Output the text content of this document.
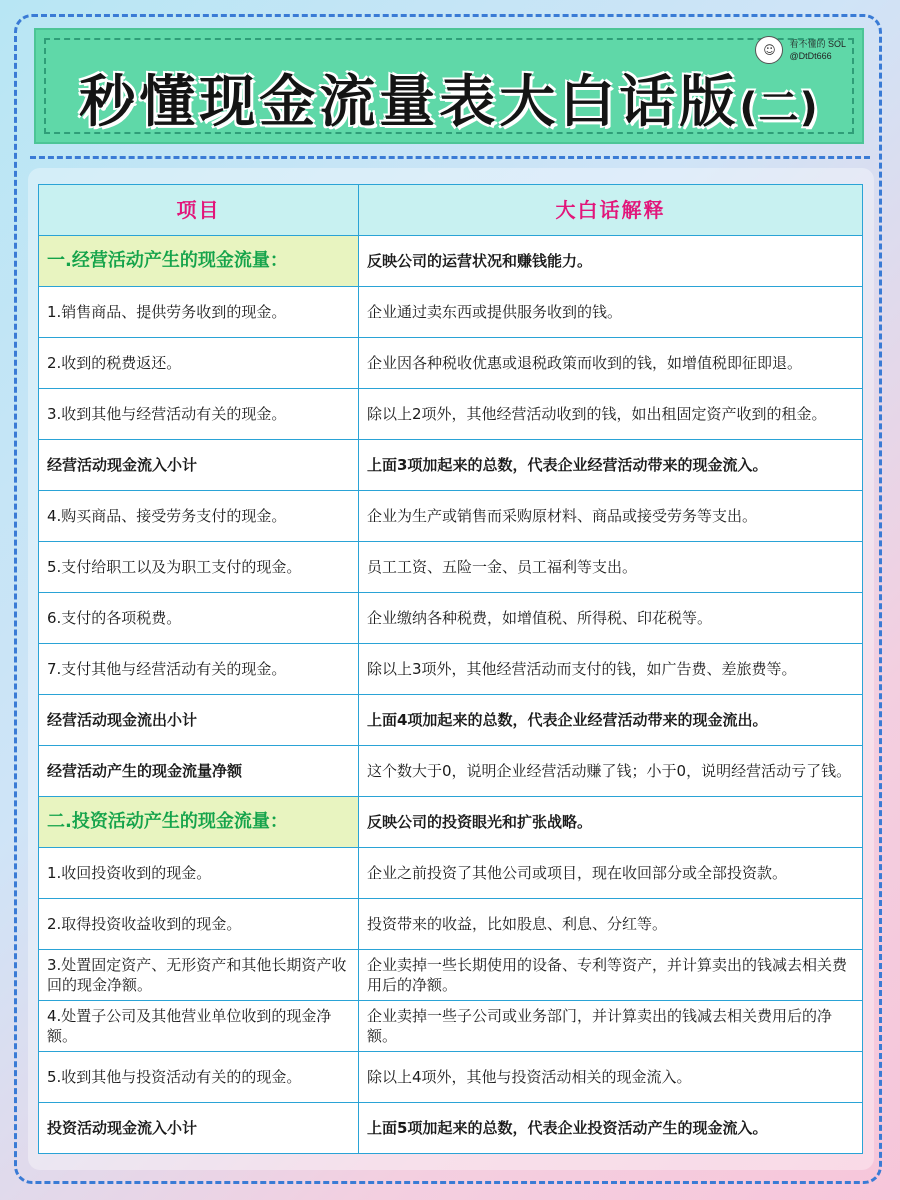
☺	看不懂的 SOL
@DtDt666
秒懂现金流量表大白话版(二)
项目	大白话解释
一.经营活动产生的现金流量：	反映公司的运营状况和赚钱能力。
1.销售商品、提供劳务收到的现金。	企业通过卖东西或提供服务收到的钱。
2.收到的税费返还。	企业因各种税收优惠或退税政策而收到的钱，如增值税即征即退。
3.收到其他与经营活动有关的现金。	除以上2项外，其他经营活动收到的钱，如出租固定资产收到的租金。
经营活动现金流入小计	上面3项加起来的总数，代表企业经营活动带来的现金流入。
4.购买商品、接受劳务支付的现金。	企业为生产或销售而采购原材料、商品或接受劳务等支出。
5.支付给职工以及为职工支付的现金。	员工工资、五险一金、员工福利等支出。
6.支付的各项税费。	企业缴纳各种税费，如增值税、所得税、印花税等。
7.支付其他与经营活动有关的现金。	除以上3项外，其他经营活动而支付的钱，如广告费、差旅费等。
经营活动现金流出小计	上面4项加起来的总数，代表企业经营活动带来的现金流出。
经营活动产生的现金流量净额	这个数大于0，说明企业经营活动赚了钱；小于0，说明经营活动亏了钱。
二.投资活动产生的现金流量：	反映公司的投资眼光和扩张战略。
1.收回投资收到的现金。	企业之前投资了其他公司或项目，现在收回部分或全部投资款。
2.取得投资收益收到的现金。	投资带来的收益，比如股息、利息、分红等。
3.处置固定资产、无形资产和其他长期资产收回的现金净额。	企业卖掉一些长期使用的设备、专利等资产，并计算卖出的钱减去相关费用后的净额。
4.处置子公司及其他营业单位收到的现金净额。	企业卖掉一些子公司或业务部门，并计算卖出的钱减去相关费用后的净额。
5.收到其他与投资活动有关的的现金。	除以上4项外，其他与投资活动相关的现金流入。
投资活动现金流入小计	上面5项加起来的总数，代表企业投资活动产生的现金流入。
